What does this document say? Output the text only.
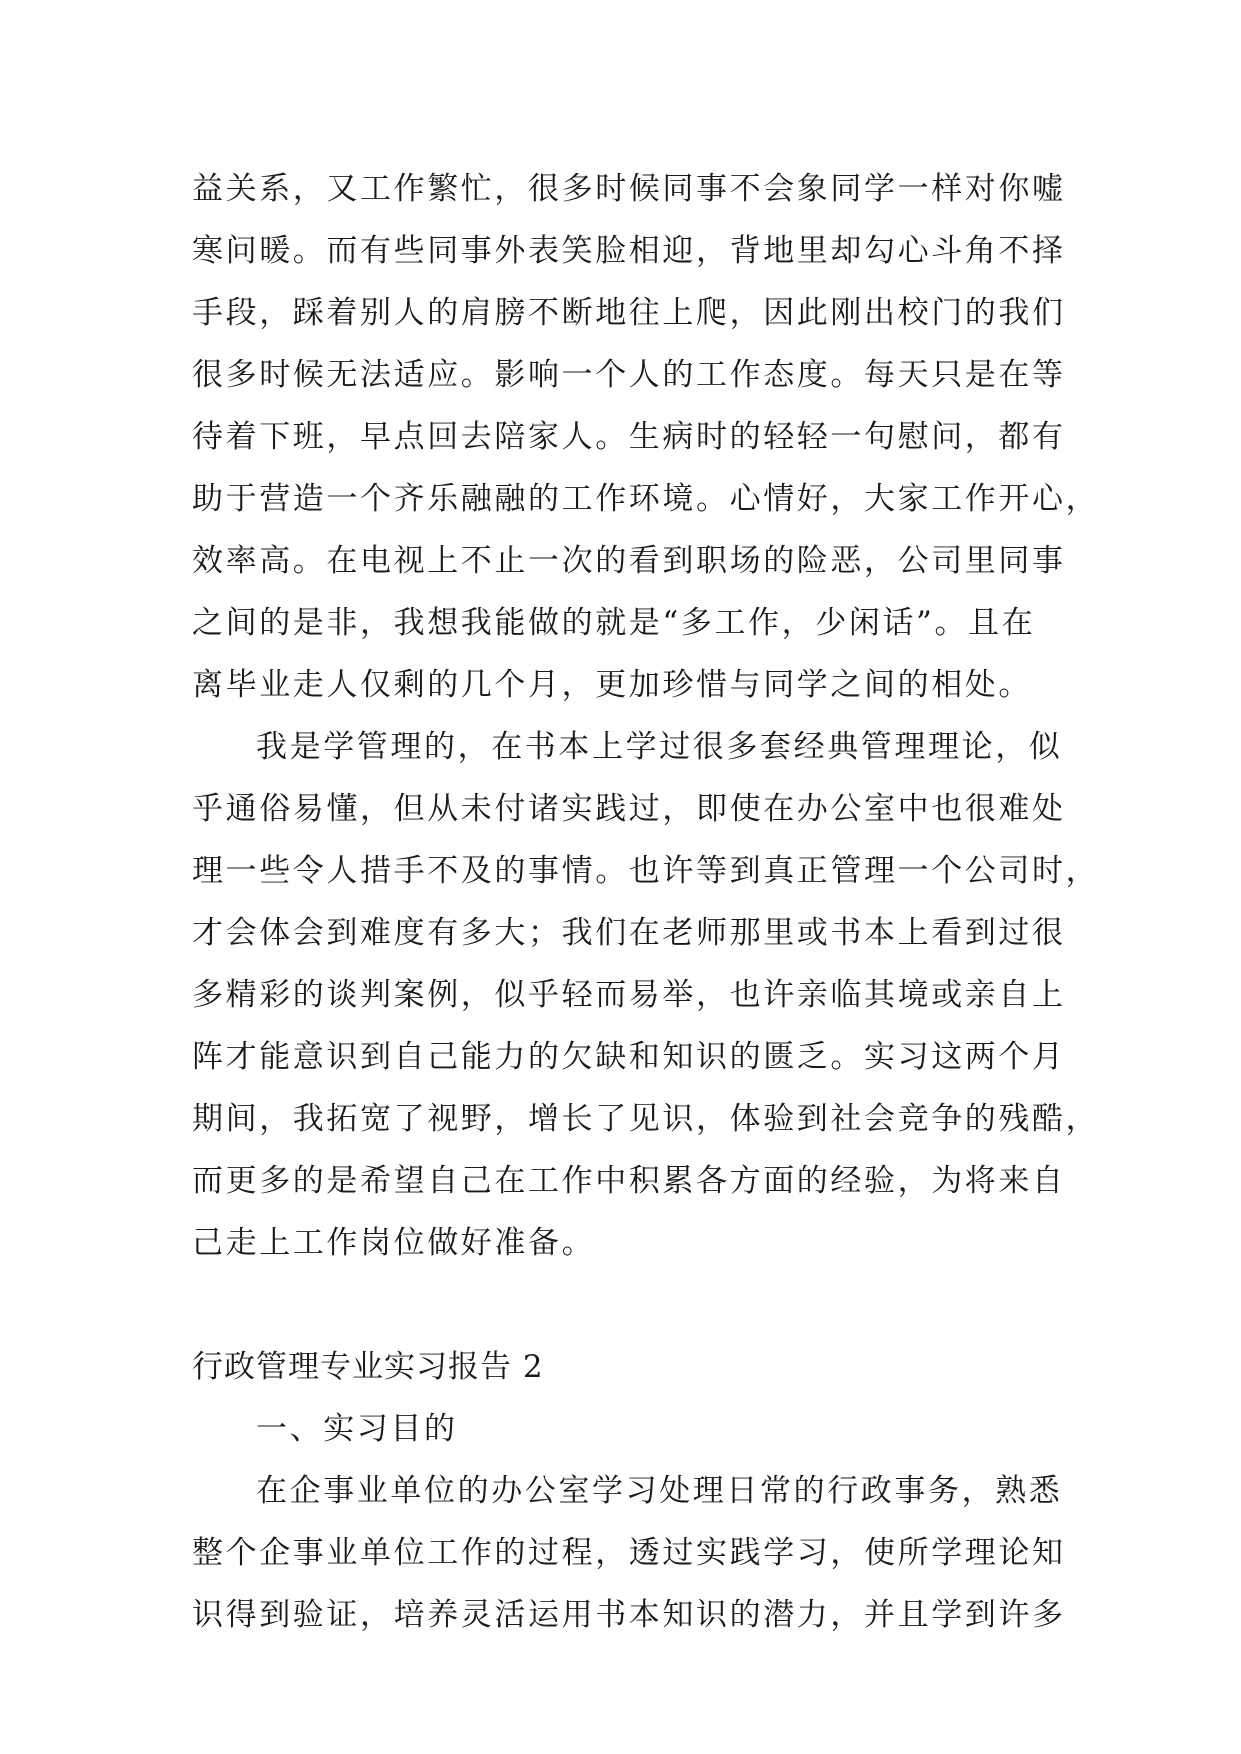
益关系，又工作繁忙，很多时候同事不会象同学一样对你嘘
寒问暖。而有些同事外表笑脸相迎，背地里却勾心斗角不择
手段，踩着别人的肩膀不断地往上爬，因此刚出校门的我们
很多时候无法适应。影响一个人的工作态度。每天只是在等
待着下班，早点回去陪家人。生病时的轻轻一句慰问，都有
助于营造一个齐乐融融的工作环境。心情好，大家工作开心，
效率高。在电视上不止一次的看到职场的险恶，公司里同事
之间的是非，我想我能做的就是“多工作，少闲话”。且在
离毕业走人仅剩的几个月，更加珍惜与同学之间的相处。
我是学管理的，在书本上学过很多套经典管理理论，似
乎通俗易懂，但从未付诸实践过，即使在办公室中也很难处
理一些令人措手不及的事情。也许等到真正管理一个公司时，
才会体会到难度有多大；我们在老师那里或书本上看到过很
多精彩的谈判案例，似乎轻而易举，也许亲临其境或亲自上
阵才能意识到自己能力的欠缺和知识的匮乏。实习这两个月
期间，我拓宽了视野，增长了见识，体验到社会竞争的残酷，
而更多的是希望自己在工作中积累各方面的经验，为将来自
己走上工作岗位做好准备。
行政管理专业实习报告 2
一、实习目的
在企事业单位的办公室学习处理日常的行政事务，熟悉
整个企事业单位工作的过程，透过实践学习，使所学理论知
识得到验证，培养灵活运用书本知识的潜力，并且学到许多
